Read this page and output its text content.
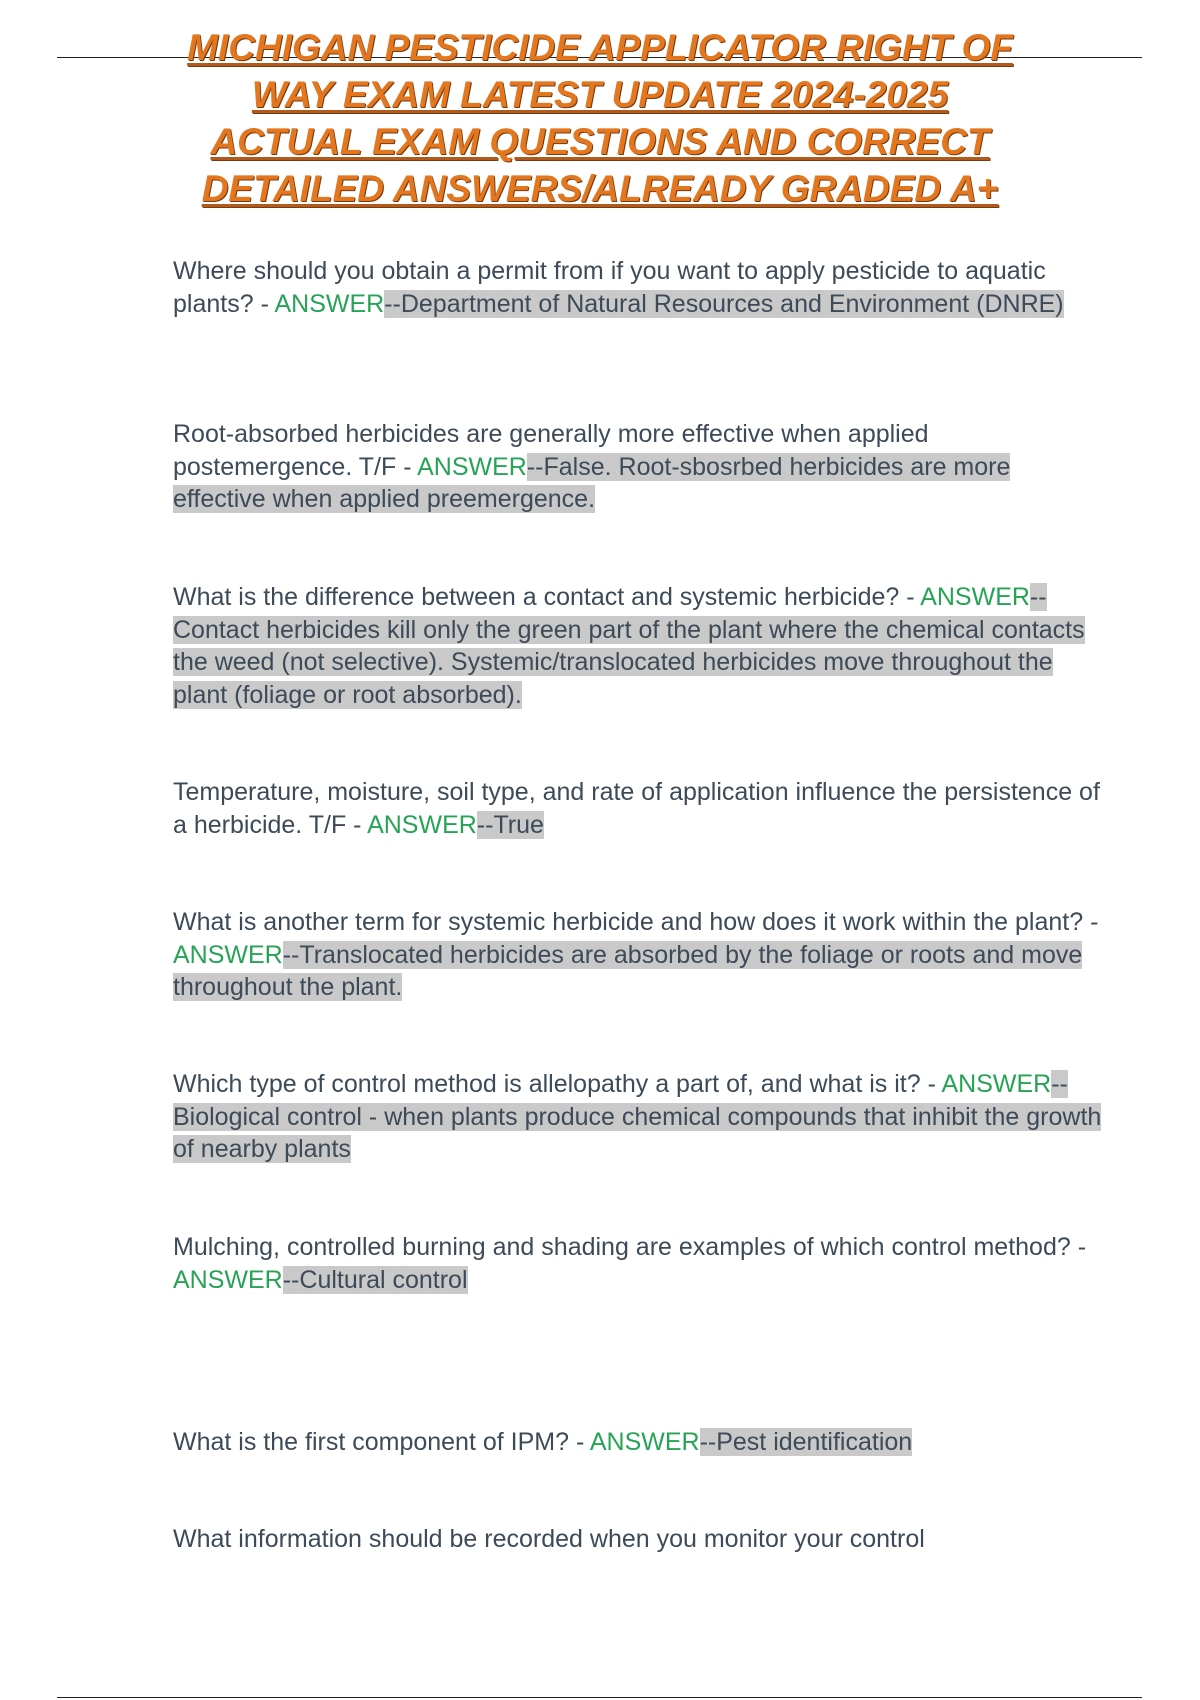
MICHIGAN PESTICIDE APPLICATOR RIGHT OF
WAY EXAM LATEST UPDATE 2024-2025
ACTUAL EXAM QUESTIONS AND CORRECT
DETAILED ANSWERS/ALREADY GRADED A+
Where should you obtain a permit from if you want to apply pesticide to aquatic plants? - ANSWER--Department of Natural Resources and Environment (DNRE)
Root-absorbed herbicides are generally more effective when applied postemergence. T/F - ANSWER--False. Root-sbosrbed herbicides are more effective when applied preemergence.
What is the difference between a contact and systemic herbicide? - ANSWER--Contact herbicides kill only the green part of the plant where the chemical contacts the weed (not selective). Systemic/translocated herbicides move throughout the plant (foliage or root absorbed).
Temperature, moisture, soil type, and rate of application influence the persistence of a herbicide. T/F - ANSWER--True
What is another term for systemic herbicide and how does it work within the plant? - ANSWER--Translocated herbicides are absorbed by the foliage or roots and move throughout the plant.
Which type of control method is allelopathy a part of, and what is it? - ANSWER--Biological control - when plants produce chemical compounds that inhibit the growth of nearby plants
Mulching, controlled burning and shading are examples of which control method? - ANSWER--Cultural control
What is the first component of IPM? - ANSWER--Pest identification
What information should be recorded when you monitor your control
